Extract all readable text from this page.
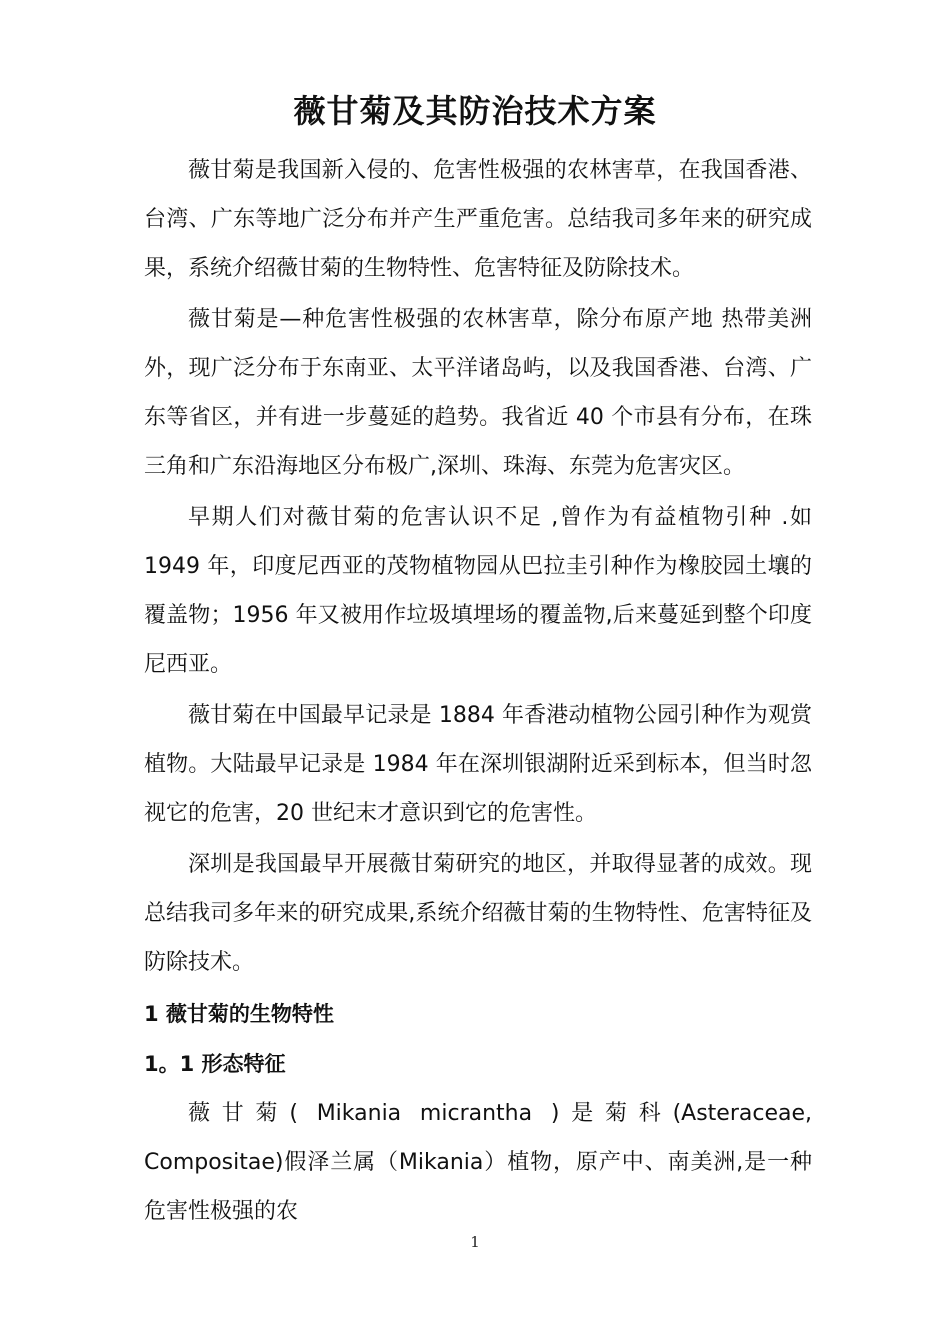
薇甘菊及其防治技术方案

薇甘菊是我国新入侵的、危害性极强的农林害草，在我国香港、台湾、广东等地广泛分布并产生严重危害。总结我司多年来的研究成果，系统介绍薇甘菊的生物特性、危害特征及防除技术。

薇甘菊是—种危害性极强的农林害草，除分布原产地 热带美洲外，现广泛分布于东南亚、太平洋诸岛屿，以及我国香港、台湾、广东等省区，并有进一步蔓延的趋势。我省近 40 个市县有分布，在珠三角和广东沿海地区分布极广,深圳、珠海、东莞为危害灾区。

早期人们对薇甘菊的危害认识不足 ,曾作为有益植物引种 .如 1949 年，印度尼西亚的茂物植物园从巴拉圭引种作为橡胶园土壤的覆盖物；1956 年又被用作垃圾填埋场的覆盖物,后来蔓延到整个印度尼西亚。

薇甘菊在中国最早记录是 1884 年香港动植物公园引种作为观赏植物。大陆最早记录是 1984 年在深圳银湖附近采到标本，但当时忽视它的危害，20 世纪末才意识到它的危害性。

深圳是我国最早开展薇甘菊研究的地区，并取得显著的成效。现总结我司多年来的研究成果,系统介绍薇甘菊的生物特性、危害特征及防除技术。

1 薇甘菊的生物特性

1。1 形态特征

薇甘菊( Mikania micrantha )是菊科(Asteraceae, Compositae)假泽兰属（Mikania）植物，原产中、南美洲,是一种危害性极强的农

1
